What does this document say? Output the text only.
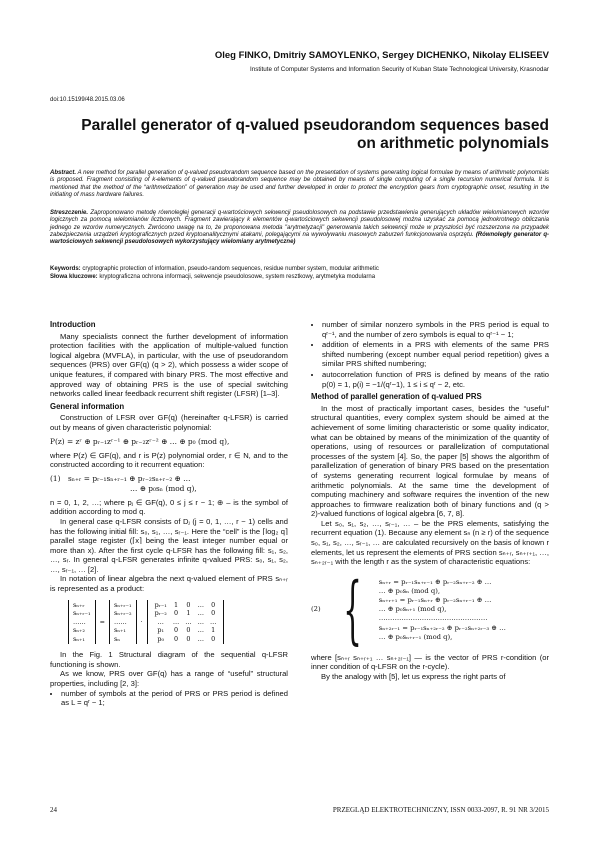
Oleg FINKO, Dmitriy SAMOYLENKO, Sergey DICHENKO, Nikolay ELISEEV
Institute of Computer Systems and Information Security of Kuban State Technological University, Krasnodar
doi:10.15199/48.2015.03.06
Parallel generator of q-valued pseudorandom sequences based
on arithmetic polynomials
Abstract. A new method for parallel generation of q-valued pseudorandom sequence based on the presentation of systems generating logical formulae by means of arithmetic polynomials is proposed. Fragment consisting of k-elements of q-valued pseudorandom sequence may be obtained by means of single computing of a single recursion numerical formula. It is mentioned that the method of the “arithmetization” of generation may be used and further developed in order to protect the encryption gears from cryptographic onset, resulting in the initiating of mass hardware failures.
Streszczenie. Zaproponowano metodę równoległej generacji q-wartościowych sekwencji pseudolosowych na podstawie przedstawienia generujących układów wielomianowych wzorów logicznych za pomocą wielomianów liczbowych. Fragment zawierający k elementów q-wartościowych sekwencji pseudolosowej można uzyskać za pomocą jednokrotnego obliczania jednego ze wzorów numerycznych. Zwrócono uwagę na to, że proponowana metoda "arytmetyzacji" generowania takich sekwencji może w przyszłości być rozszerzona na przypadek zabezpieczenia urządzeń kryptograficznych przed kryptoanalitycznymi atakami, polegającymi na wywoływaniu masowych zaburzeń funkcjonowania osprzętu. (Równoległy generator q-wartościowych sekwencji pseudolosowych wykorzystujący wielomiany arytmetyczne)
Keywords: cryptographic protection of information, pseudo-random sequences, residue number system, modular arithmetic
Słowa kluczowe: kryptograficzna ochrona informacji, sekwencje pseudolosowe, system resztkowy, arytmetyka modularna
Introduction

Many specialists connect the further development of information protection facilities with the application of multiple-valued function logical algebra (MVFLA), in particular, with the use of pseudorandom sequences (PRS) over GF(q) (q > 2), which possess a wider scope of unique features, if compared with binary PRS. The most effective and approved way of obtaining PRS is the use of special switching networks called linear feedback recurrent shift register (LFSR) [1–3].

General information

Construction of LFSR over GF(q) (hereinafter q-LFSR) is carried out by means of given characteristic polynomial:

P(z) = zʳ ⊕ pᵣ₋₁zʳ⁻¹ ⊕ pᵣ₋₂zʳ⁻² ⊕ … ⊕ p₀ (mod q),

where P(z) ∈ GF(q), and r is P(z) polynomial order, r ∈ N, and to the constructed according to it recurrent equation:

(1) sₙ₊ᵣ = pᵣ₋₁sₙ₊ᵣ₋₁ ⊕ pᵣ₋₂sₙ₊ᵣ₋₂ ⊕ …
… ⊕ p₀sₙ (mod q),

n = 0, 1, 2, …; where pⱼ ∈ GF(q), 0 ≤ j ≤ r − 1; ⊕ – is the symbol of addition according to mod q.

In general case q-LFSR consists of Dⱼ (j = 0, 1, …, r − 1) cells and has the following initial fill: s₀, s₁, …, sᵣ₋₁. Here the “cell” is the ⌈log₂ q⌉ parallel stage register (⌈x⌉ being the least integer number equal or more than x). After the first cycle q-LFSR has the following fill: s₁, s₂, …, sᵣ. In general q-LFSR generates infinite q-valued PRS: s₀, s₁, s₂, …, sᵣ₋₁, … [2].

In notation of linear algebra the next q-valued element of PRS sₙ₊ᵣ is represented as a product:

sₙ₊ᵣ
sₙ₊ᵣ₋₁
……
sₙ₊₂
sₙ₊₁
=
sₙ₊ᵣ₋₁
sₙ₊ᵣ₋₂
……
sₙ₊₁
sₙ
·
pᵣ₋₁	1	0	…	0
pᵣ₋₂	0	1	…	0
…	…	…	…	…
p₁	0	0	…	1
p₀	0	0	…	0

In the Fig. 1 Structural diagram of the sequential q-LFSR functioning is shown.

As we know, PRS over GF(q) has a range of “useful” structural properties, including [2, 3]:

• number of symbols at the period of PRS or PRS period is defined as L = qʳ − 1;
• number of similar nonzero symbols in the PRS period is equal to qʳ⁻¹, and the number of zero symbols is equal to qʳ⁻¹ − 1;
• addition of elements in a PRS with elements of the same PRS shifted numbering (except number equal period repetition) gives a similar PRS shifted numbering;
• autocorrelation function of PRS is defined by means of the ratio p(0) = 1, p(i) = −1/(qʳ−1), 1 ≤ i ≤ qʳ − 2, etc.
Method of parallel generation of q-valued PRS

In the most of practically important cases, besides the “useful” structural quantities, every complex system should be aimed at the achievement of some limiting characteristic or some quality indicator, what can be obtained by means of the minimization of the quantity of operations, using of resources or parallelization of computational processes of the system [4]. So, the paper [5] shows the algorithm of parallelization of generation of binary PRS based on the presentation of systems generating recurrent logical formulae by means of arithmetic polynomials. At the same time the development of computing machinery and software requires the invention of the new approaches to firmware realization both of binary functions and (q > 2)-valued functions of logical algebra [6, 7, 8].

Let s₀, s₁, s₂, …, sᵣ₋₁, … – be the PRS elements, satisfying the recurrent equation (1). Because any element sₙ (n ≥ r) of the sequence s₀, s₁, s₂, …, sᵣ₋₁, … are calculated recursively on the basis of known r elements, let us represent the elements of PRS section sₙ₊ᵣ, sₙ₊ᵣ₊₁, …, sₙ₊₂ᵣ₋₁ with the length r as the system of characteristic equations:

(2) {	sₙ₊ᵣ = pᵣ₋₁sₙ₊ᵣ₋₁ ⊕ pᵣ₋₂sₙ₊ᵣ₋₂ ⊕ …
… ⊕ p₀sₙ (mod q),
sₙ₊ᵣ₊₁ = pᵣ₋₁sₙ₊ᵣ ⊕ pᵣ₋₂sₙ₊ᵣ₋₁ ⊕ …
… ⊕ p₀sₙ₊₁ (mod q),
…………………………………………
sₙ₊₂ᵣ₋₁ = pᵣ₋₁sₙ₊₂ᵣ₋₂ ⊕ pᵣ₋₂sₙ₊₂ᵣ₋₃ ⊕ …
… ⊕ p₀sₙ₊ᵣ₋₁ (mod q),

where [sₙ₊ᵣ sₙ₊ᵣ₊₁ … sₙ₊₂ᵣ₋₁] — is the vector of PRS r-condition (or inner condition of q-LFSR on the r-cycle).

By the analogy with [5], let us express the right parts of

24	PRZEGLĄD ELEKTROTECHNICZNY, ISSN 0033-2097, R. 91 NR 3/2015
